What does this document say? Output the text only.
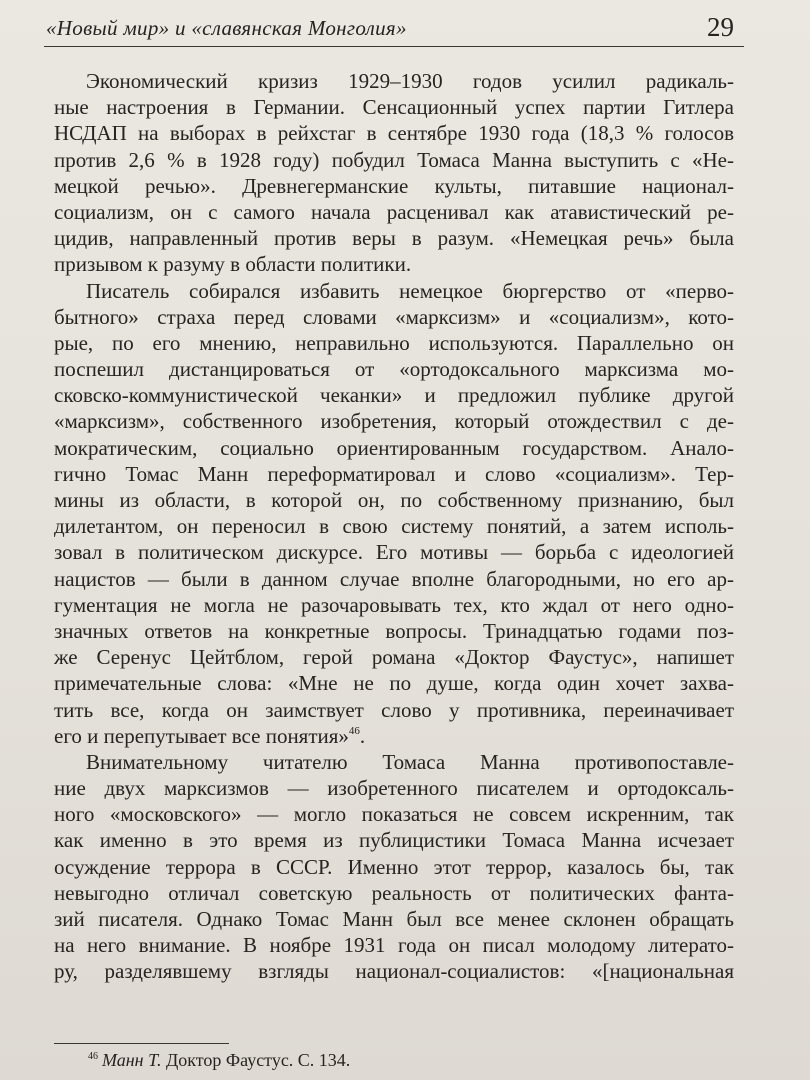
«Новый мир» и «славянская Монголия»	29
Экономический кризиз 1929–1930 годов усилил радикаль-
ные настроения в Германии. Сенсационный успех партии Гитлера
НСДАП на выборах в рейхстаг в сентябре 1930 года (18,3 % голосов
против 2,6 % в 1928 году) побудил Томаса Манна выступить с «Не-
мецкой речью». Древнегерманские культы, питавшие национал-
социализм, он с самого начала расценивал как атавистический ре-
цидив, направленный против веры в разум. «Немецкая речь» была
призывом к разуму в области политики.
Писатель собирался избавить немецкое бюргерство от «перво-
бытного» страха перед словами «марксизм» и «социализм», кото-
рые, по его мнению, неправильно используются. Параллельно он
поспешил дистанцироваться от «ортодоксального марксизма мо-
сковско-коммунистической чеканки» и предложил публике другой
«марксизм», собственного изобретения, который отождествил с де-
мократическим, социально ориентированным государством. Анало-
гично Томас Манн переформатировал и слово «социализм». Тер-
мины из области, в которой он, по собственному признанию, был
дилетантом, он переносил в свою систему понятий, а затем исполь-
зовал в политическом дискурсе. Его мотивы — борьба с идеологией
нацистов — были в данном случае вполне благородными, но его ар-
гументация не могла не разочаровывать тех, кто ждал от него одно-
значных ответов на конкретные вопросы. Тринадцатью годами поз-
же Серенус Цейтблом, герой романа «Доктор Фаустус», напишет
примечательные слова: «Мне не по душе, когда один хочет захва-
тить все, когда он заимствует слово у противника, переиначивает
его и перепутывает все понятия»$^{46}$.
Внимательному читателю Томаса Манна противопоставле-
ние двух марксизмов — изобретенного писателем и ортодоксаль-
ного «московского» — могло показаться не совсем искренним, так
как именно в это время из публицистики Томаса Манна исчезает
осуждение террора в СССР. Именно этот террор, казалось бы, так
невыгодно отличал советскую реальность от политических фанта-
зий писателя. Однако Томас Манн был все менее склонен обращать
на него внимание. В ноябре 1931 года он писал молодому литерато-
ру, разделявшему взгляды национал-социалистов: «[национальная
$^{46}$ Манн Т. Доктор Фаустус. С. 134.
